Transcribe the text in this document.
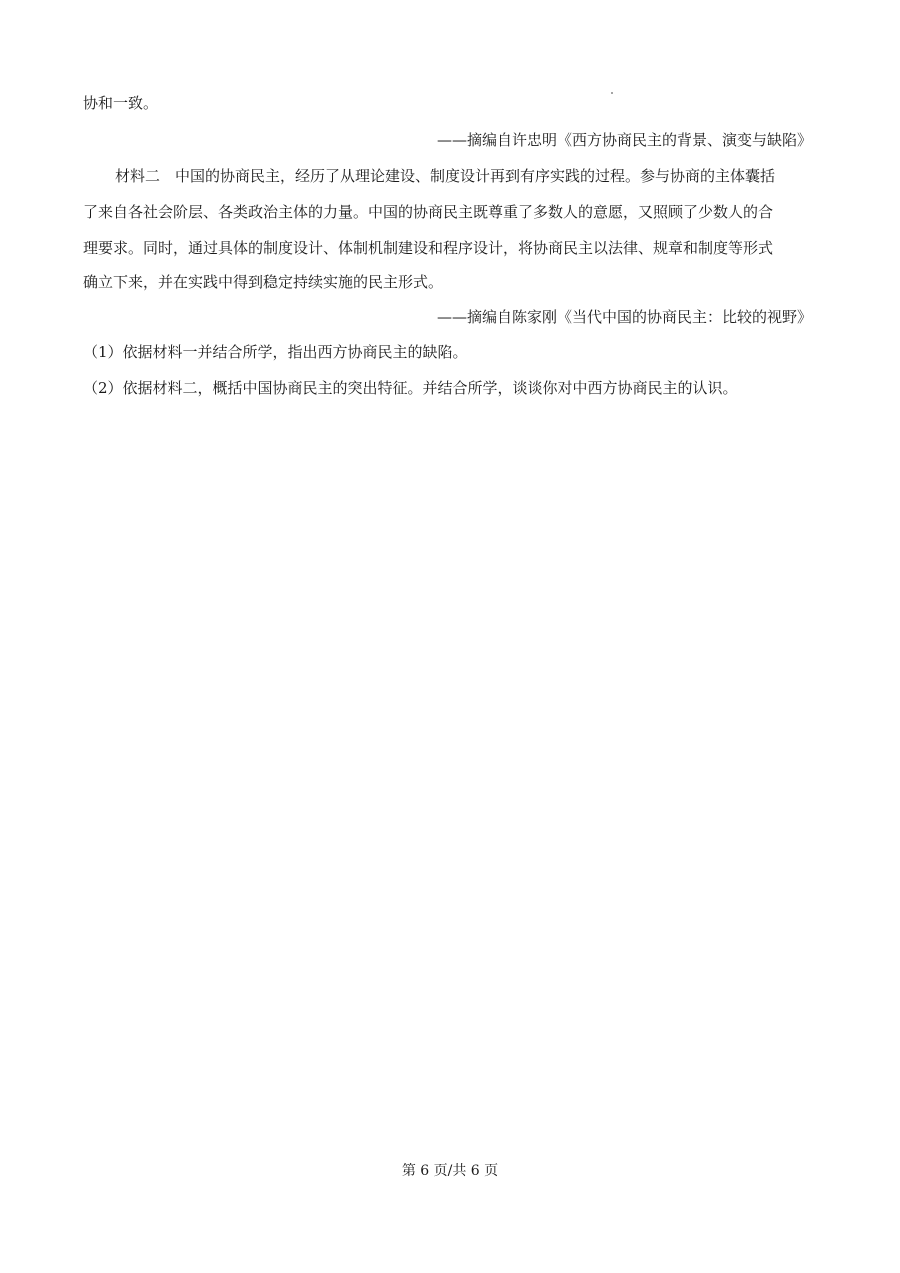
协和一致。
——摘编自许忠明《西方协商民主的背景、演变与缺陷》
材料二　中国的协商民主，经历了从理论建设、制度设计再到有序实践的过程。参与协商的主体囊括
了来自各社会阶层、各类政治主体的力量。中国的协商民主既尊重了多数人的意愿，又照顾了少数人的合
理要求。同时，通过具体的制度设计、体制机制建设和程序设计，将协商民主以法律、规章和制度等形式
确立下来，并在实践中得到稳定持续实施的民主形式。
——摘编自陈家刚《当代中国的协商民主：比较的视野》
（1）依据材料一并结合所学，指出西方协商民主的缺陷。
（2）依据材料二，概括中国协商民主的突出特征。并结合所学，谈谈你对中西方协商民主的认识。
第 6 页/共 6 页
